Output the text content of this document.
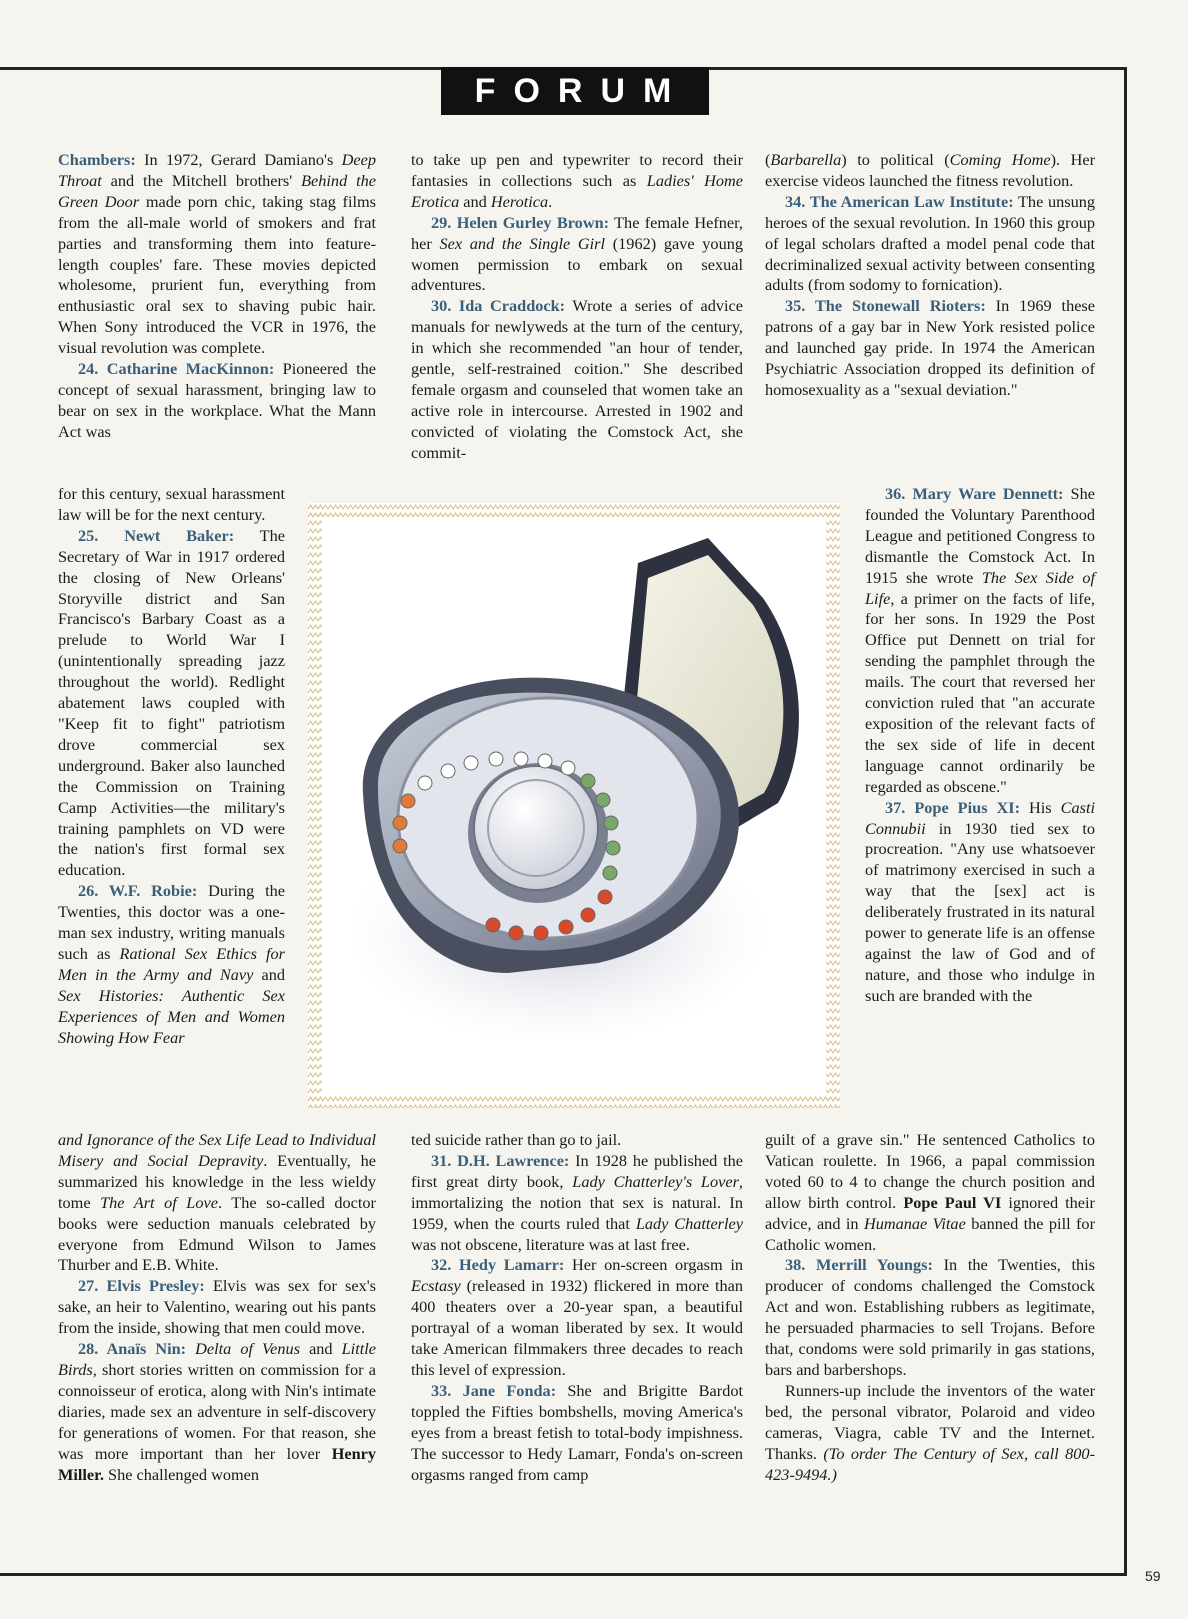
FORUM

Chambers: In 1972, Gerard Damiano's Deep Throat and the Mitchell brothers' Behind the Green Door made porn chic, taking stag films from the all-male world of smokers and frat parties and transforming them into feature-length couples' fare. These movies depicted wholesome, prurient fun, everything from enthusiastic oral sex to shaving pubic hair. When Sony introduced the VCR in 1976, the visual revolution was complete.

24. Catharine MacKinnon: Pioneered the concept of sexual harassment, bringing law to bear on sex in the workplace. What the Mann Act was

for this century, sexual harassment law will be for the next century.

25. Newt Baker: The Secretary of War in 1917 ordered the closing of New Orleans' Storyville district and San Francisco's Barbary Coast as a prelude to World War I (unintentionally spreading jazz throughout the world). Redlight abatement laws coupled with "Keep fit to fight" patriotism drove commercial sex underground. Baker also launched the Commission on Training Camp Activities—the military's training pamphlets on VD were the nation's first formal sex education.

26. W.F. Robie: During the Twenties, this doctor was a one-man sex industry, writing manuals such as Rational Sex Ethics for Men in the Army and Navy and Sex Histories: Authentic Sex Experiences of Men and Women Showing How Fear

and Ignorance of the Sex Life Lead to Individual Misery and Social Depravity. Eventually, he summarized his knowledge in the less wieldy tome The Art of Love. The so-called doctor books were seduction manuals celebrated by everyone from Edmund Wilson to James Thurber and E.B. White.

27. Elvis Presley: Elvis was sex for sex's sake, an heir to Valentino, wearing out his pants from the inside, showing that men could move.

28. Anaïs Nin: Delta of Venus and Little Birds, short stories written on commission for a connoisseur of erotica, along with Nin's intimate diaries, made sex an adventure in self-discovery for generations of women. For that reason, she was more important than her lover Henry Miller. She challenged women

to take up pen and typewriter to record their fantasies in collections such as Ladies' Home Erotica and Herotica.

29. Helen Gurley Brown: The female Hefner, her Sex and the Single Girl (1962) gave young women permission to embark on sexual adventures.

30. Ida Craddock: Wrote a series of advice manuals for newlyweds at the turn of the century, in which she recommended "an hour of tender, gentle, self-restrained coition." She described female orgasm and counseled that women take an active role in intercourse. Arrested in 1902 and convicted of violating the Comstock Act, she commit-

ted suicide rather than go to jail.

31. D.H. Lawrence: In 1928 he published the first great dirty book, Lady Chatterley's Lover, immortalizing the notion that sex is natural. In 1959, when the courts ruled that Lady Chatterley was not obscene, literature was at last free.

32. Hedy Lamarr: Her on-screen orgasm in Ecstasy (released in 1932) flickered in more than 400 theaters over a 20-year span, a beautiful portrayal of a woman liberated by sex. It would take American filmmakers three decades to reach this level of expression.

33. Jane Fonda: She and Brigitte Bardot toppled the Fifties bombshells, moving America's eyes from a breast fetish to total-body impishness. The successor to Hedy Lamarr, Fonda's on-screen orgasms ranged from camp

(Barbarella) to political (Coming Home). Her exercise videos launched the fitness revolution.

34. The American Law Institute: The unsung heroes of the sexual revolution. In 1960 this group of legal scholars drafted a model penal code that decriminalized sexual activity between consenting adults (from sodomy to fornication).

35. The Stonewall Rioters: In 1969 these patrons of a gay bar in New York resisted police and launched gay pride. In 1974 the American Psychiatric Association dropped its definition of homosexuality as a "sexual deviation."

36. Mary Ware Dennett: She founded the Voluntary Parenthood League and petitioned Congress to dismantle the Comstock Act. In 1915 she wrote The Sex Side of Life, a primer on the facts of life, for her sons. In 1929 the Post Office put Dennett on trial for sending the pamphlet through the mails. The court that reversed her conviction ruled that "an accurate exposition of the relevant facts of the sex side of life in decent language cannot ordinarily be regarded as obscene."

37. Pope Pius XI: His Casti Connubii in 1930 tied sex to procreation. "Any use whatsoever of matrimony exercised in such a way that the [sex] act is deliberately frustrated in its natural power to generate life is an offense against the law of God and of nature, and those who indulge in such are branded with the

guilt of a grave sin." He sentenced Catholics to Vatican roulette. In 1966, a papal commission voted 60 to 4 to change the church position and allow birth control. Pope Paul VI ignored their advice, and in Humanae Vitae banned the pill for Catholic women.

38. Merrill Youngs: In the Twenties, this producer of condoms challenged the Comstock Act and won. Establishing rubbers as legitimate, he persuaded pharmacies to sell Trojans. Before that, condoms were sold primarily in gas stations, bars and barbershops.

Runners-up include the inventors of the water bed, the personal vibrator, Polaroid and video cameras, Viagra, cable TV and the Internet. Thanks. (To order The Century of Sex, call 800-423-9494.)

59
